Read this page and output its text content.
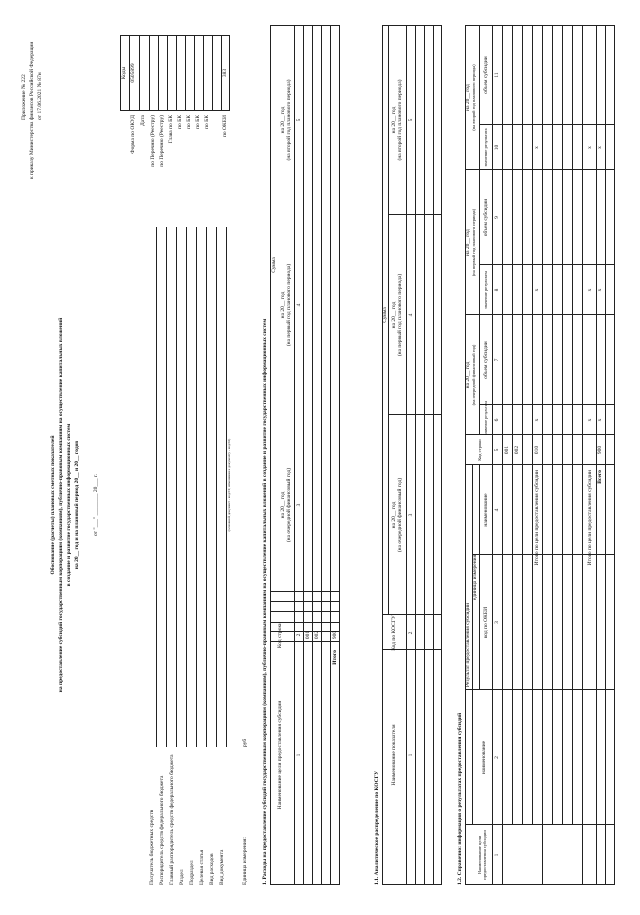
Приложение № 222 к приказу Министерства финансов Российской Федерации от 17.06.2021 № 87н
Обоснование (расчеты) плановых сметных показателей на предоставление субсидий государственным корпорациям (компаниям), публично-правовым компаниям на осуществление капитальных вложений в создание и развитие государственных информационных систем на 20__ год и на плановый период 20__ и 20__ годов от "___" ________ 20___ г.
Коды
Форма по ОКУД
0505899
Дата по Перечню (Реестру) по Перечню (Реестру) Глава по БК по БК по БК по БК по БК по ОКЕИ
383
Получатель бюджетных средств Распорядитель средств федерального бюджета Главный распорядитель средств федерального бюджета Раздел Подраздел Целевая статья Вид расходов Вид документа
(основной документ - код 01; изменения к документу - код 02)
Единица измерения:
руб	1. Расходы на предоставление субсидий государственным корпорациям (компаниям), публично-правовым компаниям на осуществление капитальных вложений в создание и развитие государственных информационных систем Наименование цели предоставления субсидии
Код строки
Сумма
на 20__ год (на очередной финансовый год)
на 20__ год (на первый год планового периода)
на 20__ год (на второй год планового периода)
1
2
3
4
5
001 002
Итого
900
1.1. Аналитическое распределение по КОСГУ
Наименование показателя
Код по КОСГУ
Сумма
на 20__ год (на очередной финансовый год)
на 20__ год (на первый год планового периода)
на 20__ год (на второй год планового периода)
1
2
3
4
5
1.2. Справочно: информация о результатах предоставления субсидий	Наименование цели предоставления субсидии
Результат предоставления субсидии
наименование
единица измерения
код по ОКЕИ
наименование
Код строки
на 20__ год (на очередной финансовый год)
на 20__ год (на первый год планового периода)
на 20__ год (на второй год планового периода)
значение результата
объем субсидии
значение результата
объем субсидии
значение результата
объем субсидии
1
2
3
4
5
6
7
8
9
10
11
001 002
Итого по цели предоставления субсидии
010
x
x
x
Итого по цели предоставления субсидии
x
x
x
Всего
900
x
x
x
